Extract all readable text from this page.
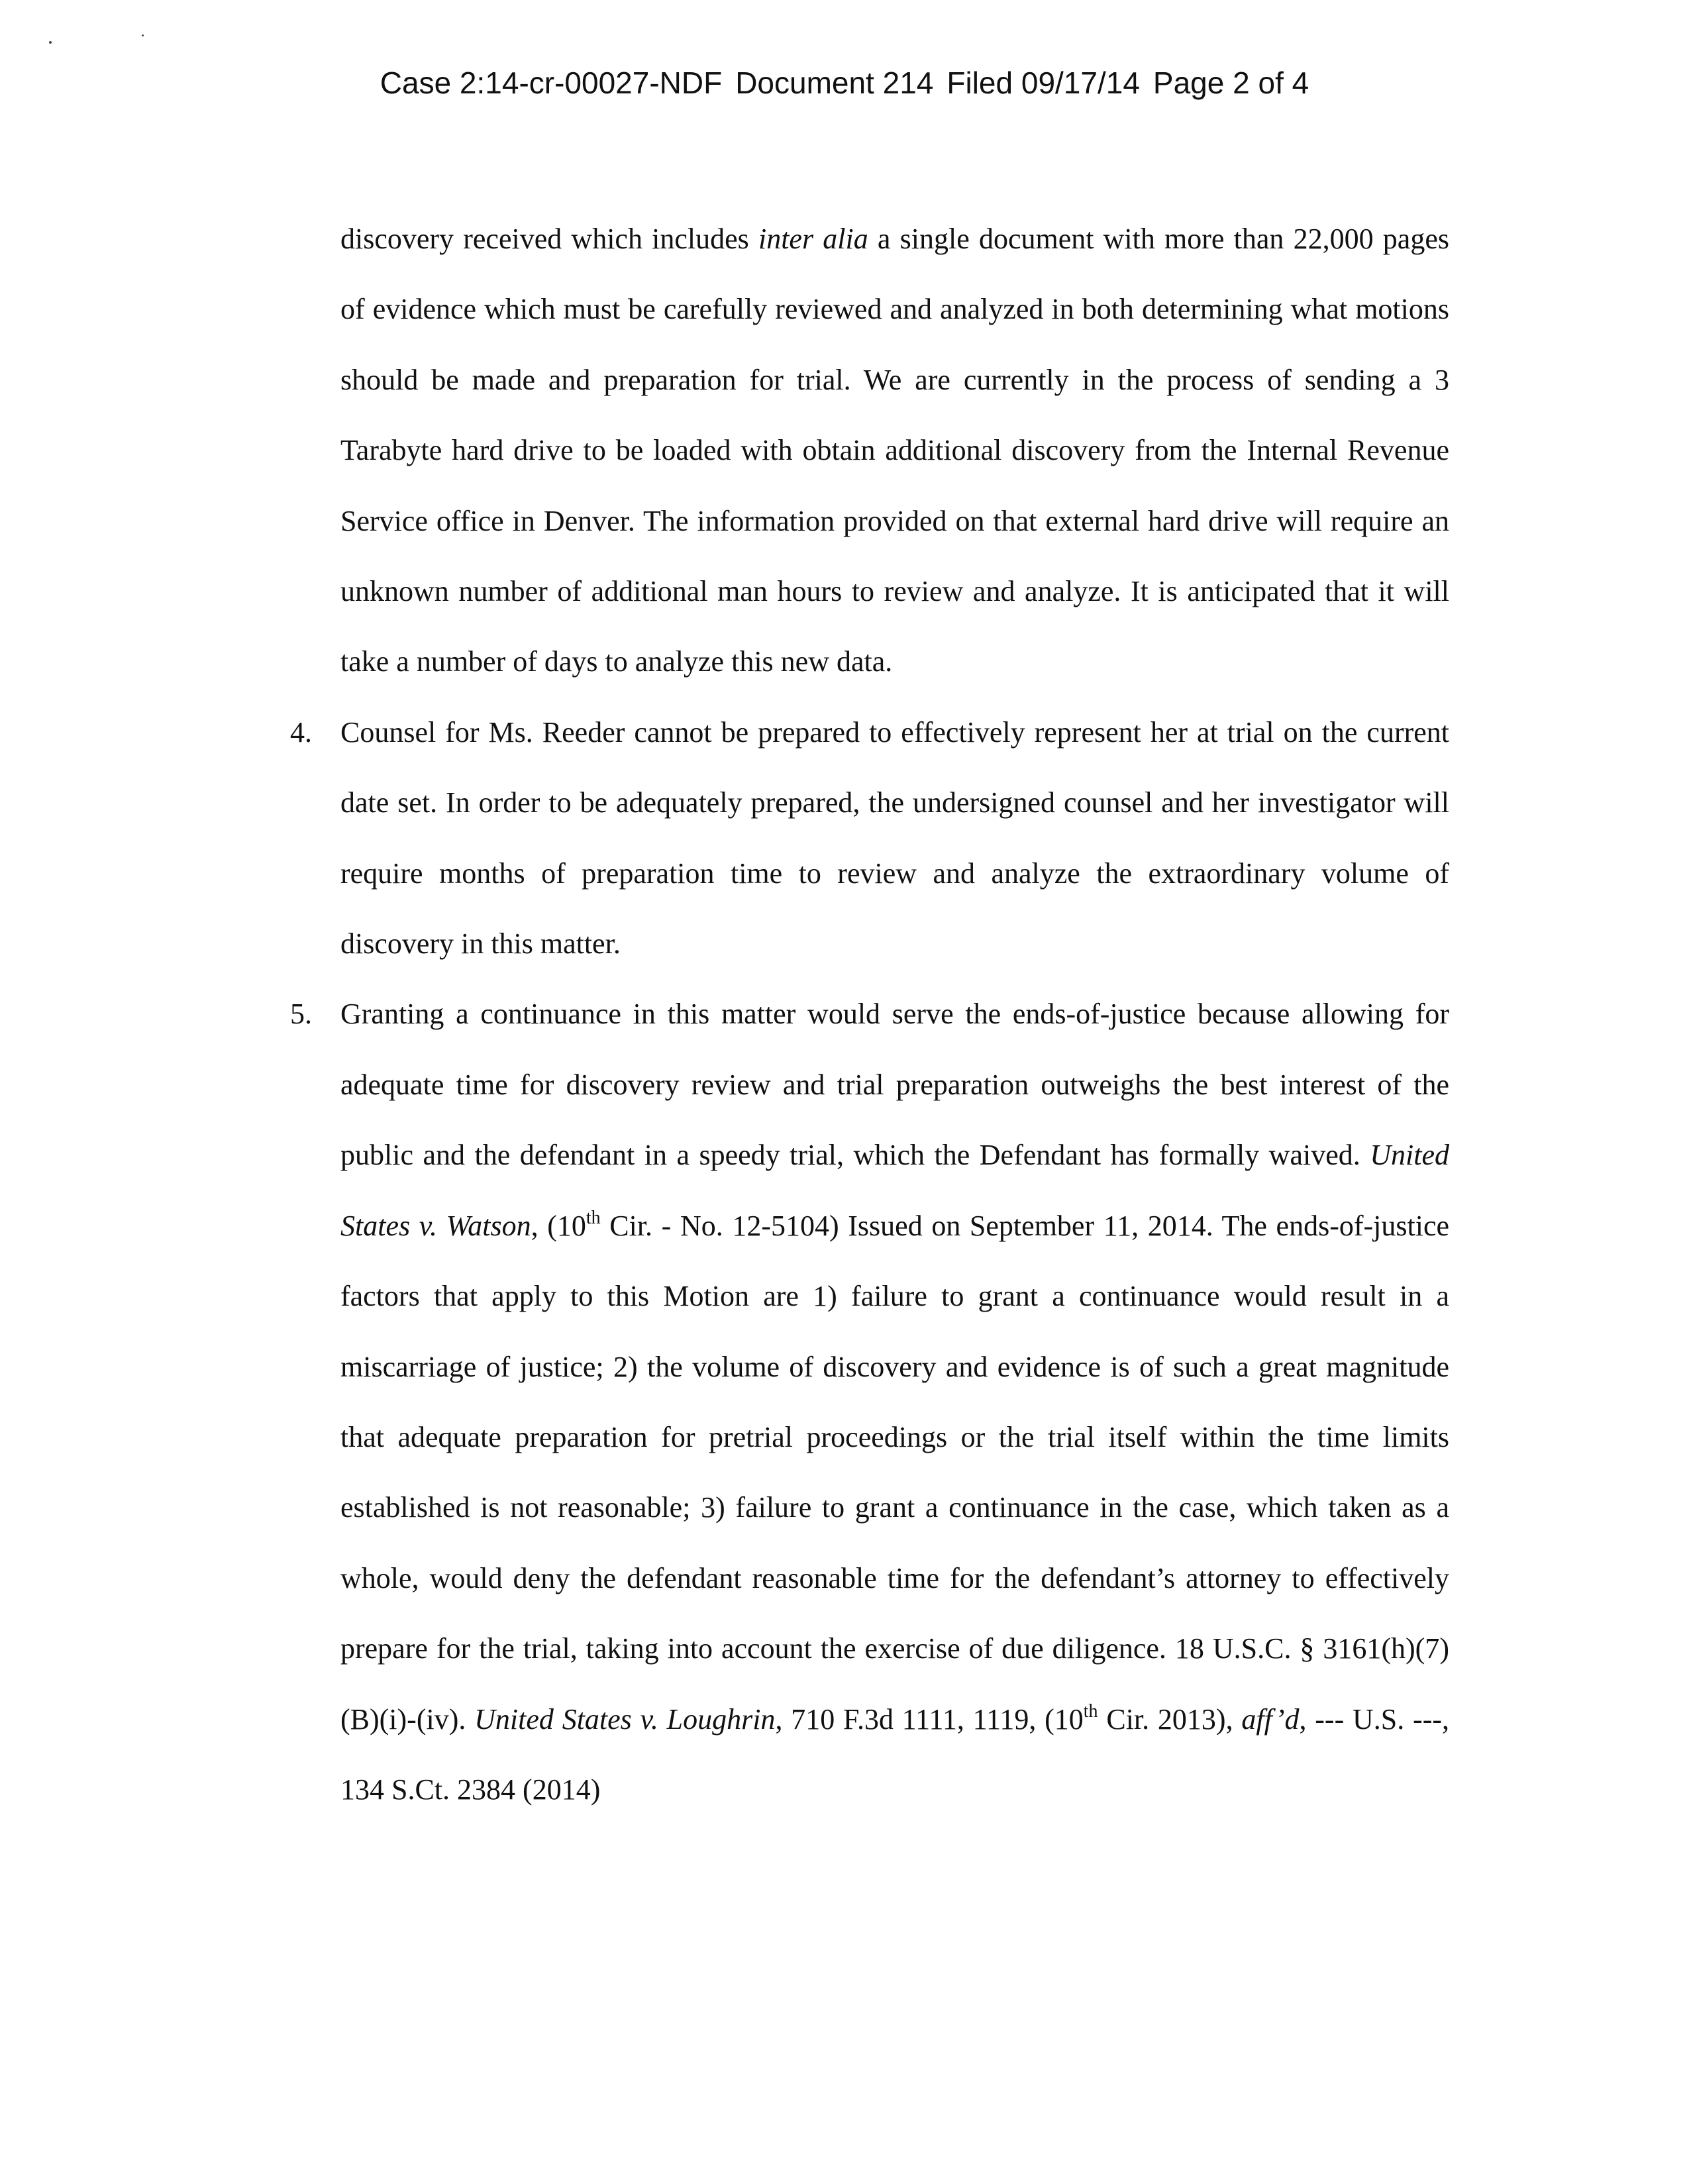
Case 2:14-cr-00027-NDF Document 214 Filed 09/17/14 Page 2 of 4

discovery received which includes inter alia a single document with more than 22,000 pages of evidence which must be carefully reviewed and analyzed in both determining what motions should be made and preparation for trial. We are currently in the process of sending a 3 Tarabyte hard drive to be loaded with obtain additional discovery from the Internal Revenue Service office in Denver. The information provided on that external hard drive will require an unknown number of additional man hours to review and analyze. It is anticipated that it will take a number of days to analyze this new data.

4. Counsel for Ms. Reeder cannot be prepared to effectively represent her at trial on the current date set. In order to be adequately prepared, the undersigned counsel and her investigator will require months of preparation time to review and analyze the extraordinary volume of discovery in this matter.

5. Granting a continuance in this matter would serve the ends-of-justice because allowing for adequate time for discovery review and trial preparation outweighs the best interest of the public and the defendant in a speedy trial, which the Defendant has formally waived. United States v. Watson, (10th Cir. - No. 12-5104) Issued on September 11, 2014. The ends-of-justice factors that apply to this Motion are 1) failure to grant a continuance would result in a miscarriage of justice; 2) the volume of discovery and evidence is of such a great magnitude that adequate preparation for pretrial proceedings or the trial itself within the time limits established is not reasonable; 3) failure to grant a continuance in the case, which taken as a whole, would deny the defendant reasonable time for the defendant’s attorney to effectively prepare for the trial, taking into account the exercise of due diligence. 18 U.S.C. § 3161(h)(7)(B)(i)-(iv). United States v. Loughrin, 710 F.3d 1111, 1119, (10th Cir. 2013), aff’d, --- U.S. ---, 134 S.Ct. 2384 (2014)
